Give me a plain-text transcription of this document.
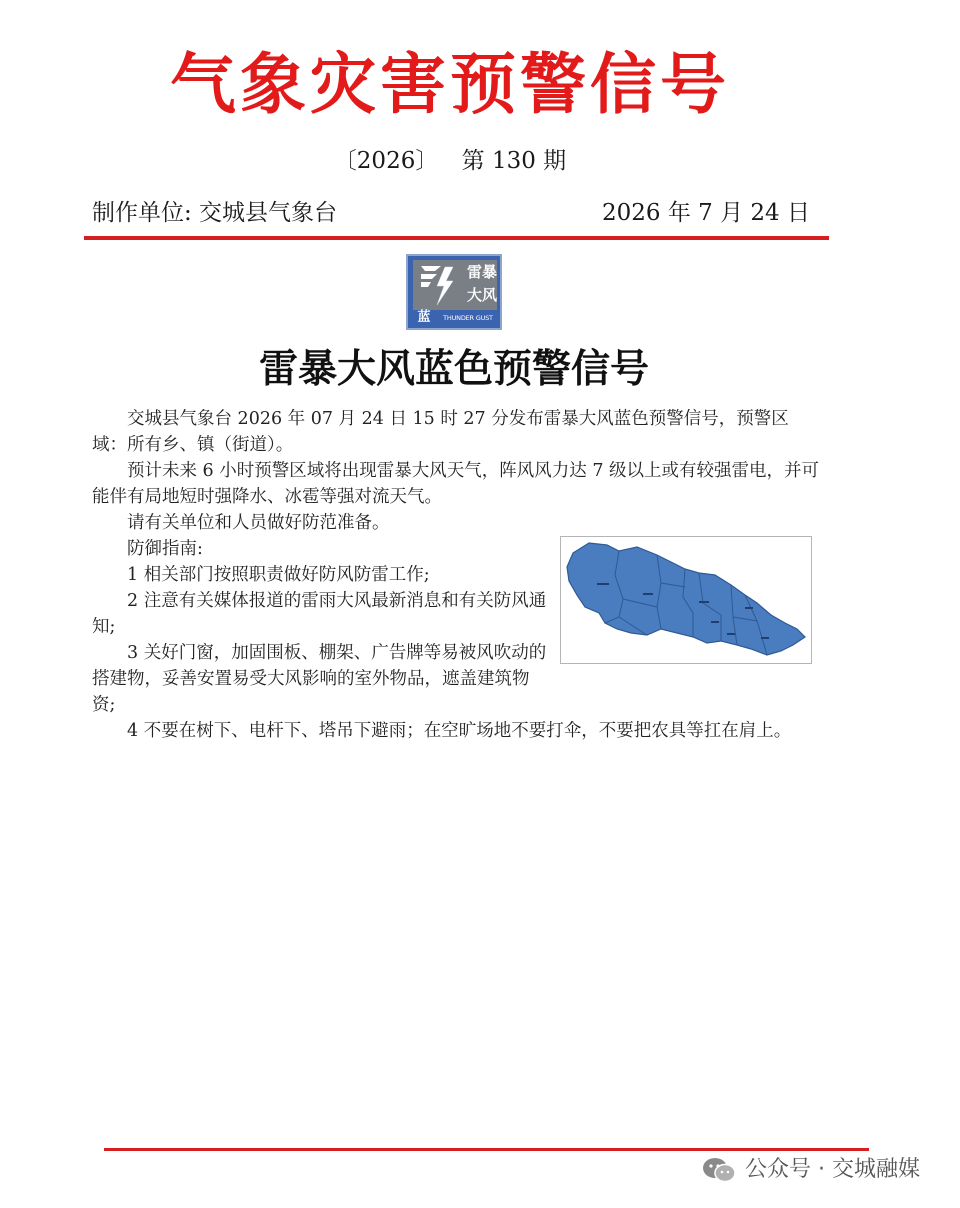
气象灾害预警信号
〔2026〕 第 130 期
制作单位: 交城县气象台	2026 年 7 月 24 日
雷暴
大风
蓝	THUNDER GUST
雷暴大风蓝色预警信号

交城县气象台 2026 年 07 月 24 日 15 时 27 分发布雷暴大风蓝色预警信号，预警区域：所有乡、镇（街道）。

预计未来 6 小时预警区域将出现雷暴大风天气，阵风风力达 7 级以上或有较强雷电，并可能伴有局地短时强降水、冰雹等强对流天气。

请有关单位和人员做好防范准备。

防御指南:

1 相关部门按照职责做好防风防雷工作;

2 注意有关媒体报道的雷雨大风最新消息和有关防风通知;

3 关好门窗，加固围板、棚架、广告牌等易被风吹动的搭建物，妥善安置易受大风影响的室外物品，遮盖建筑物资;

4 不要在树下、电杆下、塔吊下避雨；在空旷场地不要打伞，不要把农具等扛在肩上。

公众号 · 交城融媒
